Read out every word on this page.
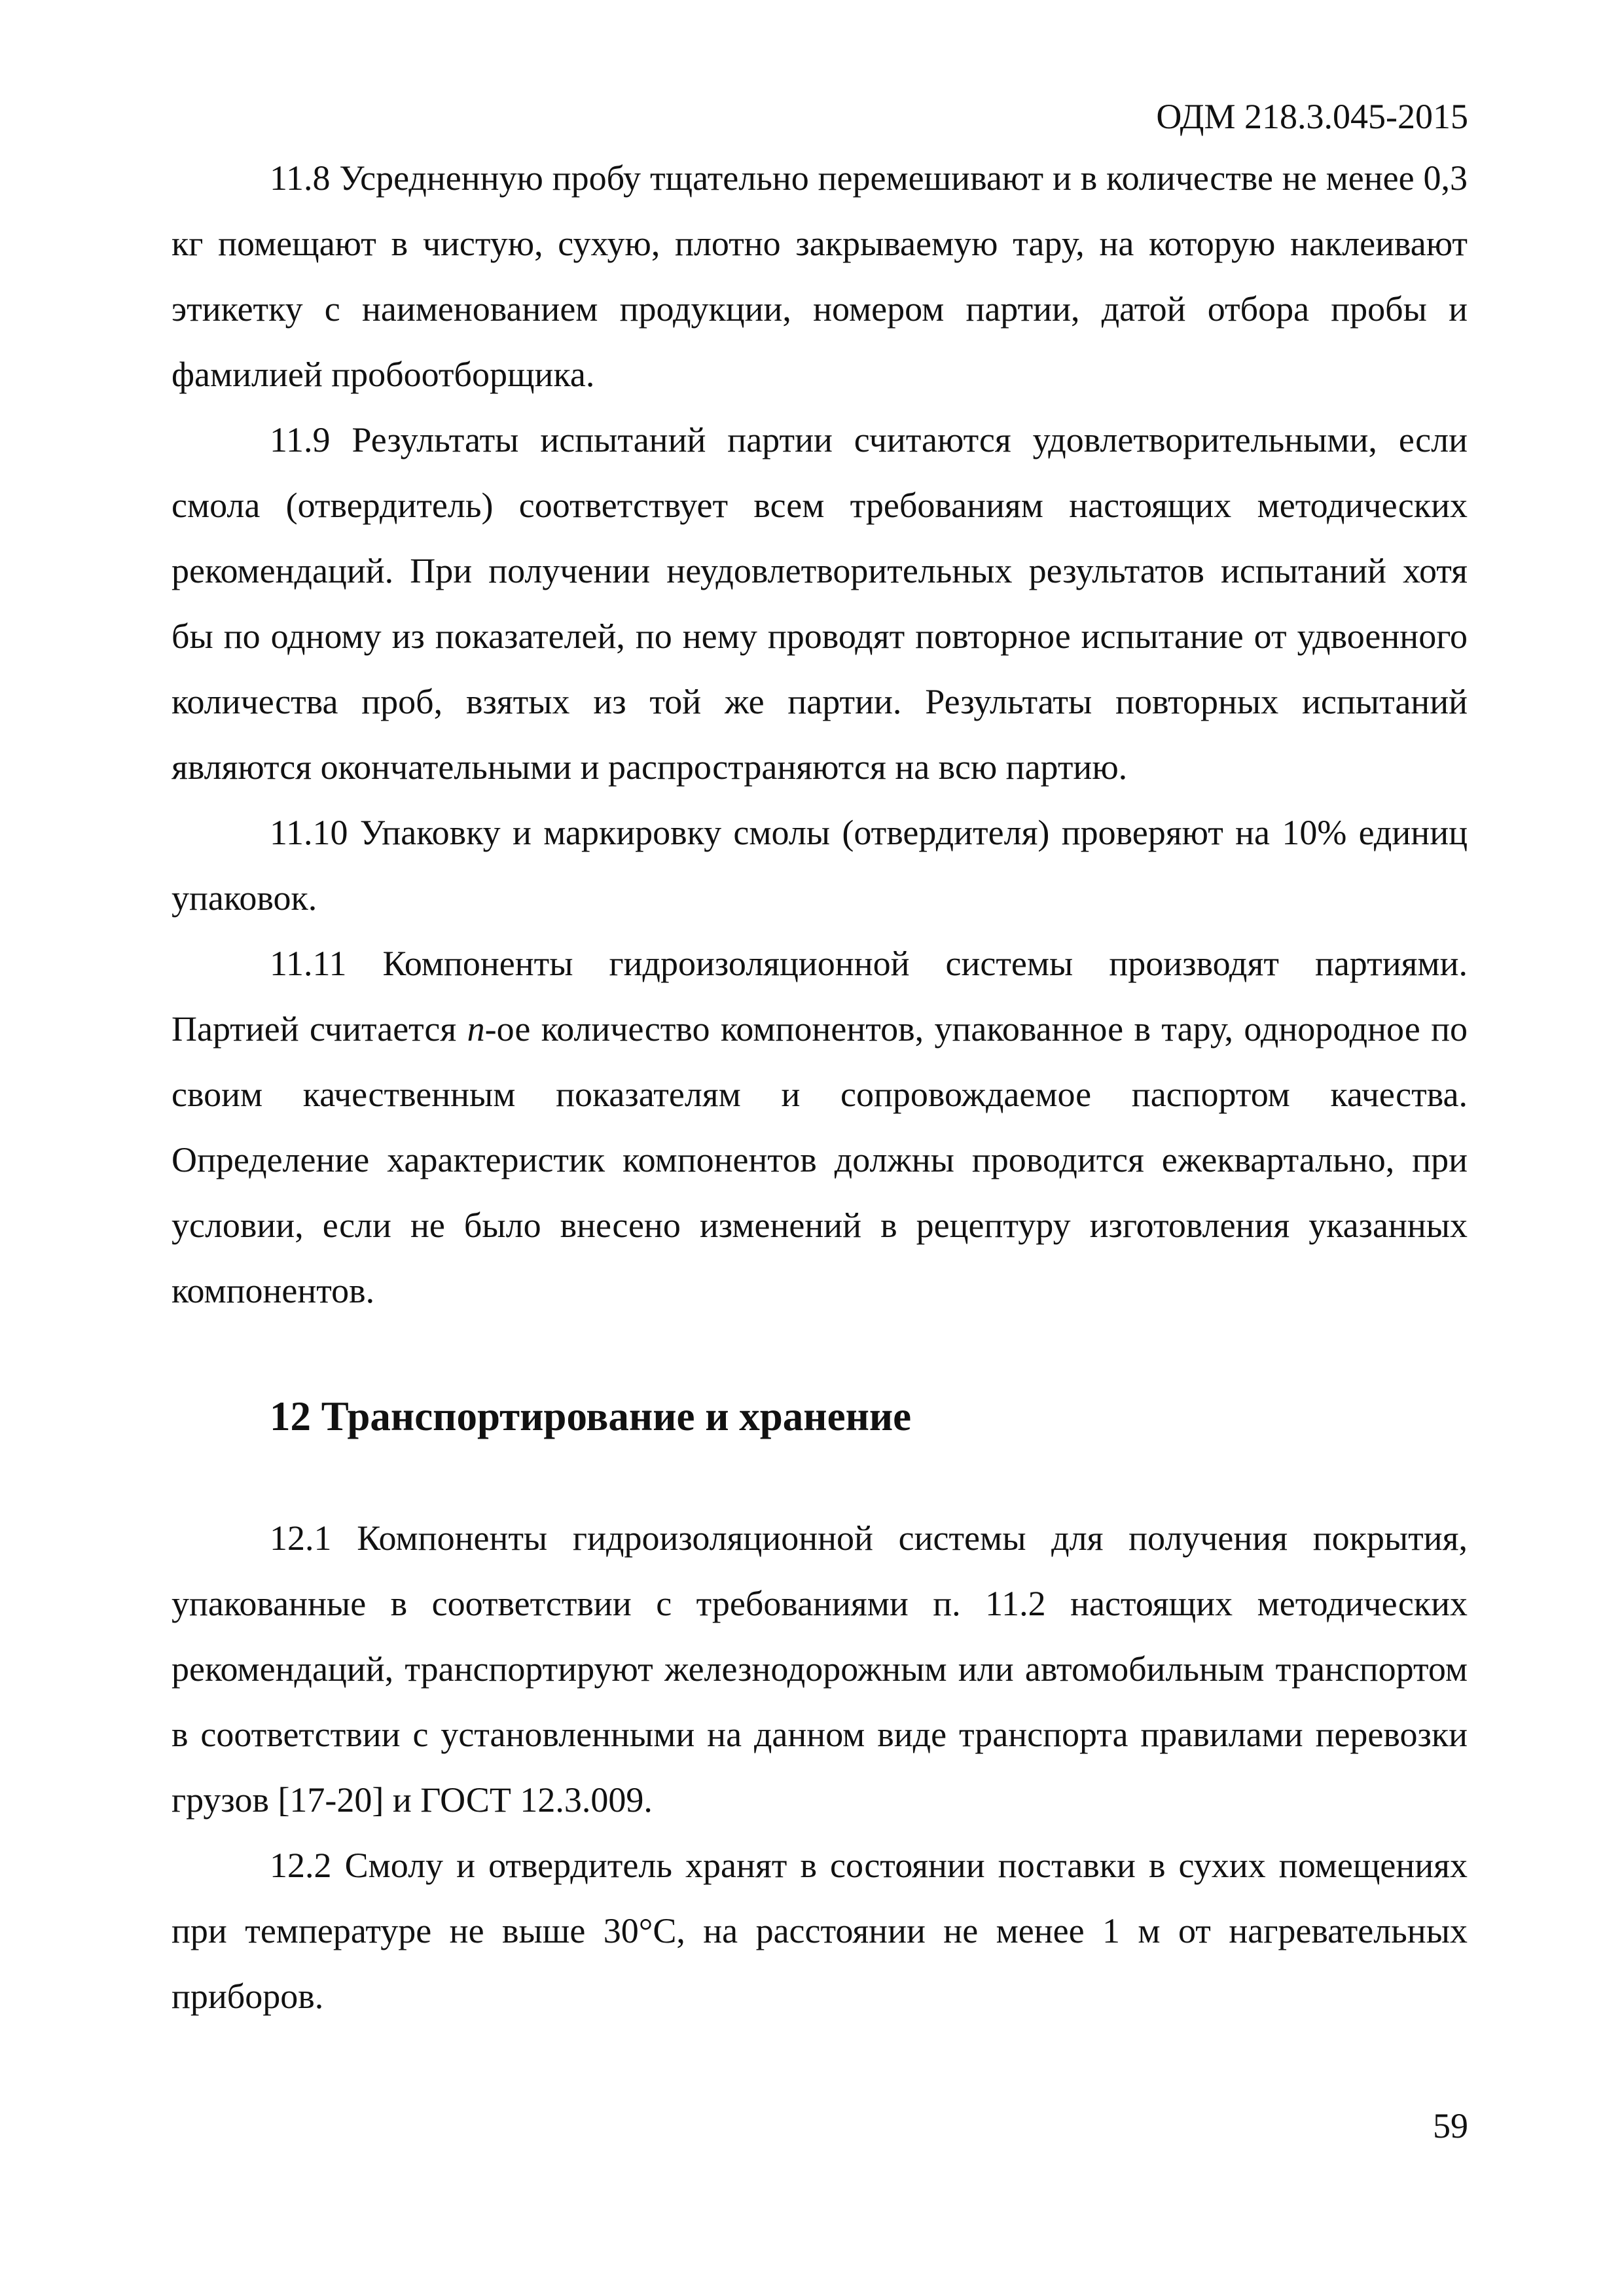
ОДМ 218.3.045-2015

11.8 Усредненную пробу тщательно перемешивают и в количестве не менее 0,3 кг помещают в чистую, сухую, плотно закрываемую тару, на которую наклеивают этикетку с наименованием продукции, номером партии, датой отбора пробы и фамилией пробоотборщика.

11.9 Результаты испытаний партии считаются удовлетворительными, если смола (отвердитель) соответствует всем требованиям настоящих методических рекомендаций. При получении неудовлетворительных результатов испытаний хотя бы по одному из показателей, по нему проводят повторное испытание от удвоенного количества проб, взятых из той же партии. Результаты повторных испытаний являются окончательными и распространяются на всю партию.

11.10 Упаковку и маркировку смолы (отвердителя) проверяют на 10% единиц упаковок.

11.11 Компоненты гидроизоляционной системы производят партиями. Партией считается n-ое количество компонентов, упакованное в тару, однородное по своим качественным показателям и сопровождаемое паспортом качества. Определение характеристик компонентов должны проводится ежеквартально, при условии, если не было внесено изменений в рецептуру изготовления указанных компонентов.

12 Транспортирование и хранение

12.1 Компоненты гидроизоляционной системы для получения покрытия, упакованные в соответствии с требованиями п. 11.2 настоящих методических рекомендаций, транспортируют железнодорожным или автомобильным транспортом в соответствии с установленными на данном виде транспорта правилами перевозки грузов [17-20] и ГОСТ 12.3.009.

12.2 Смолу и отвердитель хранят в состоянии поставки в сухих помещениях при температуре не выше 30°С, на расстоянии не менее 1 м от нагревательных приборов.

59
